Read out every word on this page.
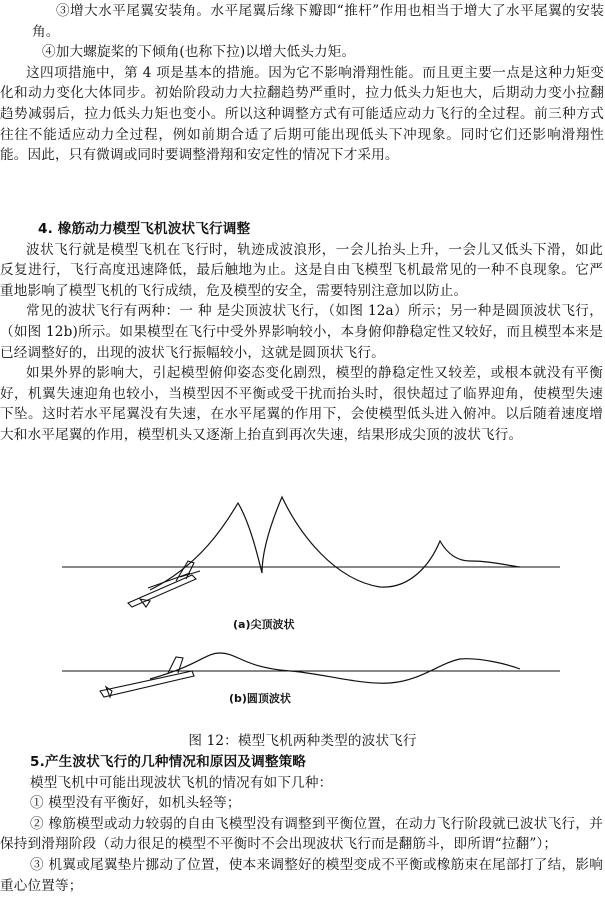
③增大水平尾翼安装角。水平尾翼后缘下瓣即“推杆”作用也相当于增大了水平尾翼的安装角。

④加大螺旋桨的下倾角(也称下拉)以增大低头力矩。

这四项措施中，第 4 项是基本的措施。因为它不影响滑翔性能。而且更主要一点是这种力矩变化和动力变化大体同步。初始阶段动力大拉翻趋势严重时，拉力低头力矩也大，后期动力变小拉翻趋势减弱后，拉力低头力矩也变小。所以这种调整方式有可能适应动力飞行的全过程。前三种方式往往不能适应动力全过程，例如前期合适了后期可能出现低头下冲现象。同时它们还影响滑翔性能。因此，只有微调或同时要调整滑翔和安定性的情况下才采用。

4. 橡筋动力模型飞机波状飞行调整

波状飞行就是模型飞机在飞行时，轨迹成波浪形，一会儿抬头上升，一会儿又低头下滑，如此反复进行，飞行高度迅速降低，最后触地为止。这是自由飞模型飞机最常见的一种不良现象。它严重地影响了模型飞机的飞行成绩，危及模型的安全，需要特别注意加以防止。

常见的波状飞行有两种：一 种 是尖顶波状飞行，（如图 12a）所示；另一种是圆顶波状飞行，（如图 12b)所示。如果模型在飞行中受外界影响较小，本身俯仰静稳定性又较好，而且模型本来是已经调整好的，出现的波状飞行振幅较小，这就是圆顶状飞行。

如果外界的影响大，引起模型俯仰姿态变化剧烈，模型的静稳定性又较差，或根本就没有平衡好，机翼失速迎角也较小，当模型因不平衡或受干扰而抬头时，很快超过了临界迎角，使模型失速下坠。这时若水平尾翼没有失速，在水平尾翼的作用下，会使模型低头进入俯冲。以后随着速度增大和水平尾翼的作用，模型机头又逐渐上抬直到再次失速，结果形成尖顶的波状飞行。

(a)尖顶波状
(b)圆顶波状

图 12：模型飞机两种类型的波状飞行

5.产生波状飞行的几种情况和原因及调整策略

模型飞机中可能出现波状飞机的情况有如下几种：

① 模型没有平衡好，如机头轻等；

② 橡筋模型或动力较弱的自由飞模型没有调整到平衡位置，在动力飞行阶段就已波状飞行，并保持到滑翔阶段（动力很足的模型不平衡时不会出现波状飞行而是翻筋斗，即所谓“拉翻”）；

③ 机翼或尾翼垫片挪动了位置，使本来调整好的模型变成不平衡或橡筋束在尾部打了结，影响重心位置等；
